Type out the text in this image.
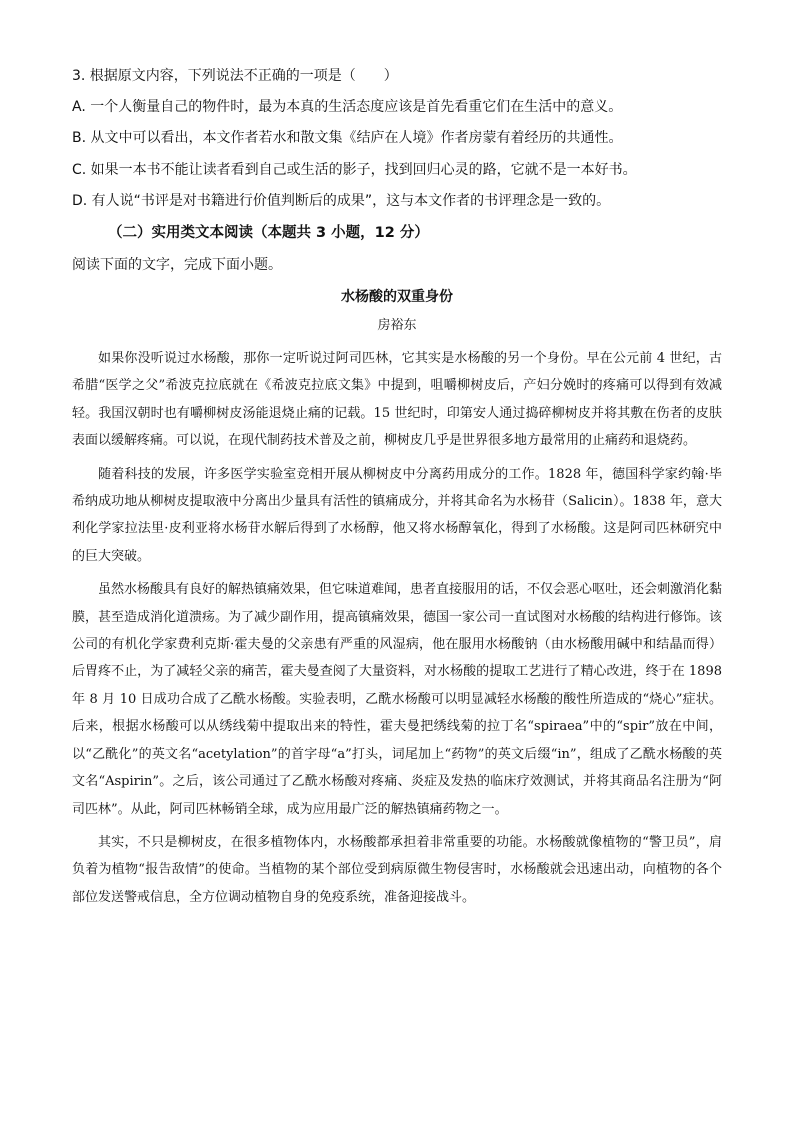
3. 根据原文内容，下列说法不正确的一项是（　　）
A. 一个人衡量自己的物件时，最为本真的生活态度应该是首先看重它们在生活中的意义。
B. 从文中可以看出，本文作者若水和散文集《结庐在人境》作者房蒙有着经历的共通性。
C. 如果一本书不能让读者看到自己或生活的影子，找到回归心灵的路，它就不是一本好书。
D. 有人说“书评是对书籍进行价值判断后的成果”，这与本文作者的书评理念是一致的。
（二）实用类文本阅读（本题共 3 小题，12 分）
阅读下面的文字，完成下面小题。
水杨酸的双重身份
房裕东

如果你没听说过水杨酸，那你一定听说过阿司匹林，它其实是水杨酸的另一个身份。早在公元前 4 世纪，古希腊“医学之父”希波克拉底就在《希波克拉底文集》中提到，咀嚼柳树皮后，产妇分娩时的疼痛可以得到有效减轻。我国汉朝时也有嚼柳树皮汤能退烧止痛的记载。15 世纪时，印第安人通过捣碎柳树皮并将其敷在伤者的皮肤表面以缓解疼痛。可以说，在现代制药技术普及之前，柳树皮几乎是世界很多地方最常用的止痛药和退烧药。

随着科技的发展，许多医学实验室竞相开展从柳树皮中分离药用成分的工作。1828 年，德国科学家约翰·毕希纳成功地从柳树皮提取液中分离出少量具有活性的镇痛成分，并将其命名为水杨苷（Salicin）。1838 年，意大利化学家拉法里·皮利亚将水杨苷水解后得到了水杨醇，他又将水杨醇氧化，得到了水杨酸。这是阿司匹林研究中的巨大突破。

虽然水杨酸具有良好的解热镇痛效果，但它味道难闻，患者直接服用的话，不仅会恶心呕吐，还会刺激消化黏膜，甚至造成消化道溃疡。为了减少副作用，提高镇痛效果，德国一家公司一直试图对水杨酸的结构进行修饰。该公司的有机化学家费利克斯·霍夫曼的父亲患有严重的风湿病，他在服用水杨酸钠（由水杨酸用碱中和结晶而得）后胃疼不止，为了减轻父亲的痛苦，霍夫曼查阅了大量资料，对水杨酸的提取工艺进行了精心改进，终于在 1898 年 8 月 10 日成功合成了乙酰水杨酸。实验表明，乙酰水杨酸可以明显减轻水杨酸的酸性所造成的“烧心”症状。后来，根据水杨酸可以从绣线菊中提取出来的特性，霍夫曼把绣线菊的拉丁名“spiraea”中的“spir”放在中间，以“乙酰化”的英文名“acetylation”的首字母“a”打头，词尾加上“药物”的英文后缀“in”，组成了乙酰水杨酸的英文名“Aspirin”。之后，该公司通过了乙酰水杨酸对疼痛、炎症及发热的临床疗效测试，并将其商品名注册为“阿司匹林”。从此，阿司匹林畅销全球，成为应用最广泛的解热镇痛药物之一。

其实，不只是柳树皮，在很多植物体内，水杨酸都承担着非常重要的功能。水杨酸就像植物的“警卫员”，肩负着为植物“报告敌情”的使命。当植物的某个部位受到病原微生物侵害时，水杨酸就会迅速出动，向植物的各个部位发送警戒信息，全方位调动植物自身的免疫系统，准备迎接战斗。
